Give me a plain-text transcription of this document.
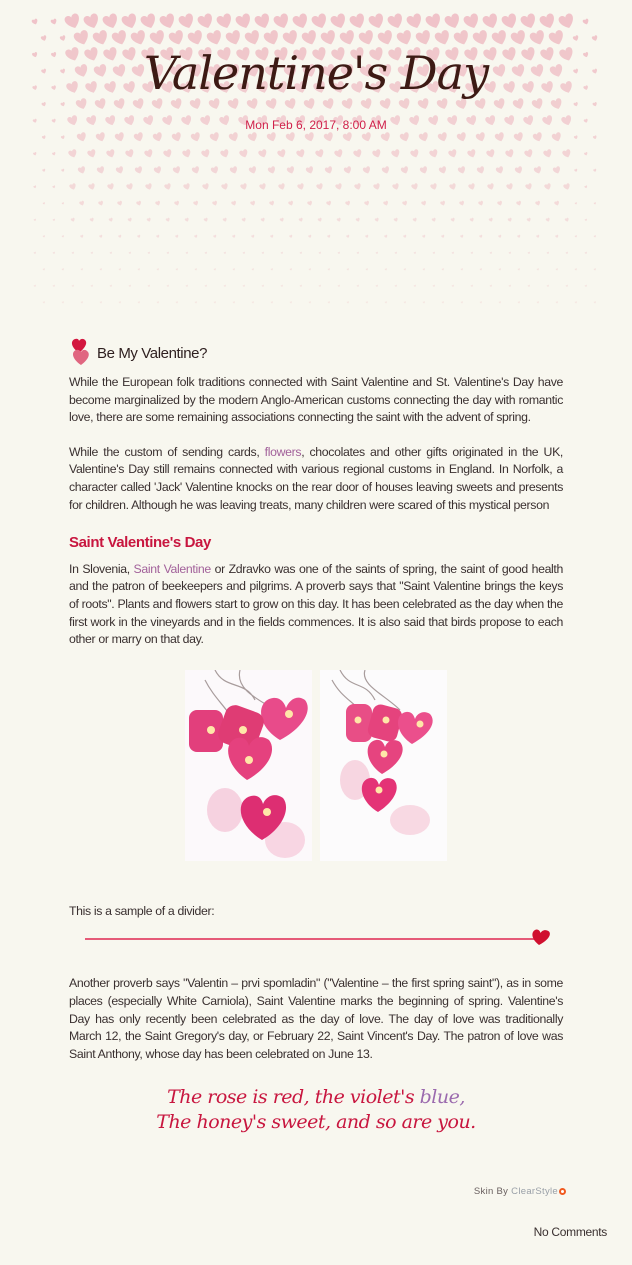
Valentine's Day
Mon Feb 6, 2017, 8:00 AM
Be My Valentine?

While the European folk traditions connected with Saint Valentine and St. Valentine's Day have become marginalized by the modern Anglo-American customs connecting the day with romantic love, there are some remaining associations connecting the saint with the advent of spring.

While the custom of sending cards, flowers, chocolates and other gifts originated in the UK, Valentine's Day still remains connected with various regional customs in England. In Norfolk, a character called 'Jack' Valentine knocks on the rear door of houses leaving sweets and presents for children. Although he was leaving treats, many children were scared of this mystical person

Saint Valentine's Day

In Slovenia, Saint Valentine or Zdravko was one of the saints of spring, the saint of good health and the patron of beekeepers and pilgrims. A proverb says that "Saint Valentine brings the keys of roots". Plants and flowers start to grow on this day. It has been celebrated as the day when the first work in the vineyards and in the fields commences. It is also said that birds propose to each other or marry on that day.

This is a sample of a divider:

Another proverb says "Valentin – prvi spomladin" ("Valentine – the first spring saint"), as in some places (especially White Carniola), Saint Valentine marks the beginning of spring. Valentine's Day has only recently been celebrated as the day of love. The day of love was traditionally March 12, the Saint Gregory's day, or February 22, Saint Vincent's Day. The patron of love was Saint Anthony, whose day has been celebrated on June 13.

The rose is red, the violet's blue,
The honey's sweet, and so are you.
Skin By ClearStyle
No Comments
